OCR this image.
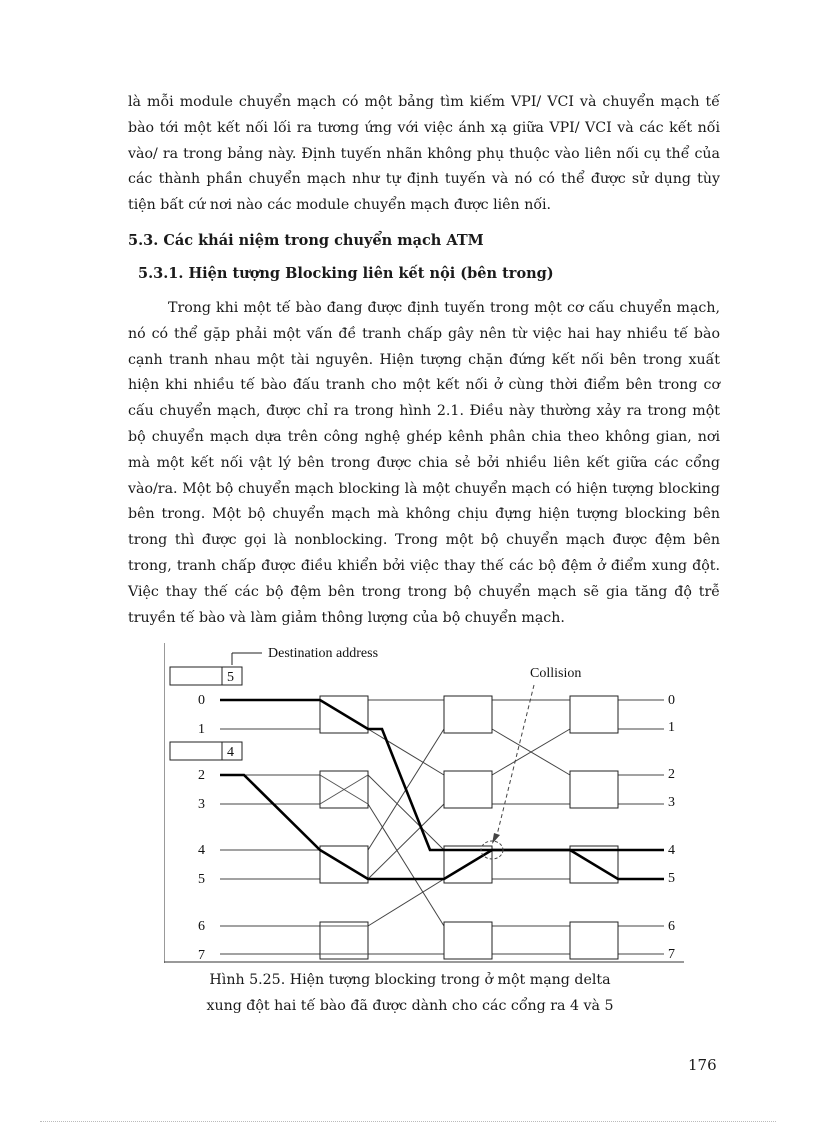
là mỗi module chuyển mạch có một bảng tìm kiếm VPI/ VCI và chuyển mạch tế bào tới một kết nối lối ra tương ứng với việc ánh xạ giữa VPI/ VCI và các kết nối vào/ ra trong bảng này. Định tuyến nhãn không phụ thuộc vào liên nối cụ thể của các thành phần chuyển mạch như tự định tuyến và nó có thể được sử dụng tùy tiện bất cứ nơi nào các module chuyển mạch được liên nối.

5.3. Các khái niệm trong chuyển mạch ATM
5.3.1. Hiện tượng Blocking liên kết nội (bên trong)

Trong khi một tế bào đang được định tuyến trong một cơ cấu chuyển mạch, nó có thể gặp phải một vấn đề tranh chấp gây nên từ việc hai hay nhiều tế bào cạnh tranh nhau một tài nguyên. Hiện tượng chặn đứng kết nối bên trong xuất hiện khi nhiều tế bào đấu tranh cho một kết nối ở cùng thời điểm bên trong cơ cấu chuyển mạch, được chỉ ra trong hình 2.1. Điều này thường xảy ra trong một bộ chuyển mạch dựa trên công nghệ ghép kênh phân chia theo không gian, nơi mà một kết nối vật lý bên trong được chia sẻ bởi nhiều liên kết giữa các cổng vào/ra. Một bộ chuyển mạch blocking là một chuyển mạch có hiện tượng blocking bên trong. Một bộ chuyển mạch mà không chịu đựng hiện tượng blocking bên trong thì được gọi là nonblocking. Trong một bộ chuyển mạch được đệm bên trong, tranh chấp được điều khiển bởi việc thay thế các bộ đệm ở điểm xung đột. Việc thay thế các bộ đệm bên trong trong bộ chuyển mạch sẽ gia tăng độ trễ truyền tế bào và làm giảm thông lượng của bộ chuyển mạch.

5
4
Destination address
0
1
2
3
4
5
6
7
0
1
2
3
4
5
6
7
Collision
Hình 5.25. Hiện tượng blocking trong ở một mạng delta
xung đột hai tế bào đã được dành cho các cổng ra 4 và 5
176
